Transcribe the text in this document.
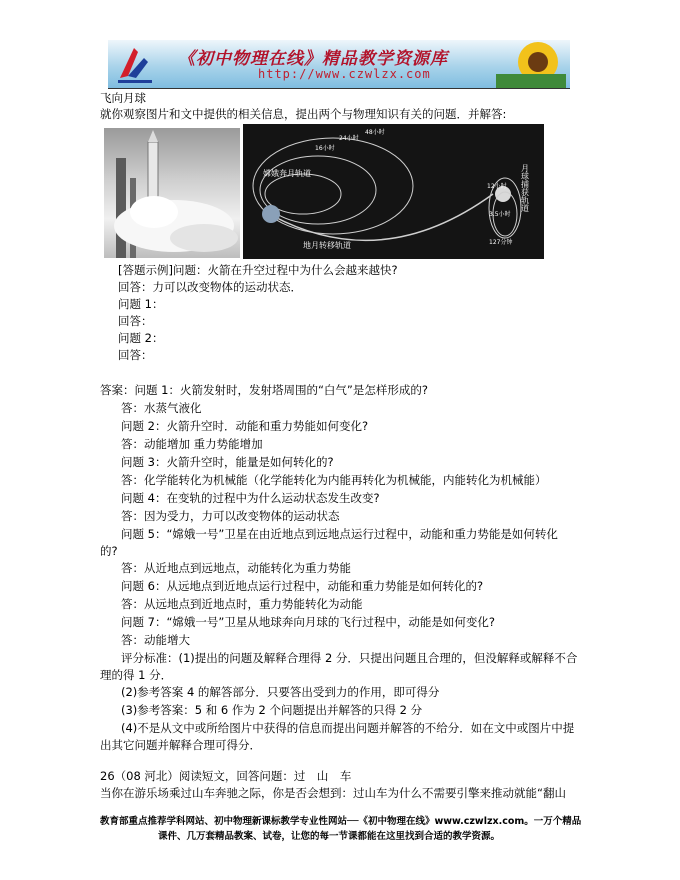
《初中物理在线》精品教学资源库
http://www.czwlzx.com
飞向月球
就你观察图片和文中提供的相关信息，提出两个与物理知识有关的问题．并解答:
嫦娥奔月轨道
地月转移轨道
月球捕获轨道
12小时
3.5小时
127分钟
16小时
24小时
48小时
[答题示例]问题：火箭在升空过程中为什么会越来越快?
回答：力可以改变物体的运动状态．
问题 1：
回答：
问题 2：
回答：
答案：问题 1：火箭发射时，发射塔周围的“白气”是怎样形成的?
答：水蒸气液化
问题 2：火箭升空时．动能和重力势能如何变化?
答：动能增加 重力势能增加
问题 3：火箭升空时，能量是如何转化的?
答：化学能转化为机械能（化学能转化为内能再转化为机械能，内能转化为机械能）
问题 4：在变轨的过程中为什么运动状态发生改变?
答：因为受力，力可以改变物体的运动状态
问题 5：“嫦娥一号”卫星在由近地点到远地点运行过程中，动能和重力势能是如何转化
的?
答：从近地点到远地点，动能转化为重力势能
问题 6：从远地点到近地点运行过程中，动能和重力势能是如何转化的?
答：从远地点到近地点时，重力势能转化为动能
问题 7：“嫦娥一号”卫星从地球奔向月球的飞行过程中，动能是如何变化?
答：动能增大
评分标准：(1)提出的问题及解释合理得 2 分．只提出问题且合理的，但没解释或解释不合
理的得 1 分．
(2)参考答案 4 的解答部分．只要答出受到力的作用，即可得分
(3)参考答案：5 和 6 作为 2 个问题提出并解答的只得 2 分
(4)不是从文中或所给图片中获得的信息而提出问题并解答的不给分．如在文中或图片中提
出其它问题并解释合理可得分．
26（08 河北）阅读短文，回答问题：过　山　车
当你在游乐场乘过山车奔驰之际，你是否会想到：过山车为什么不需要引擎来推动就能“翻山
教育部重点推荐学科网站、初中物理新课标教学专业性网站──《初中物理在线》www.czwlzx.com。一万个精品
课件、几万套精品教案、试卷，让您的每一节课都能在这里找到合适的教学资源。
